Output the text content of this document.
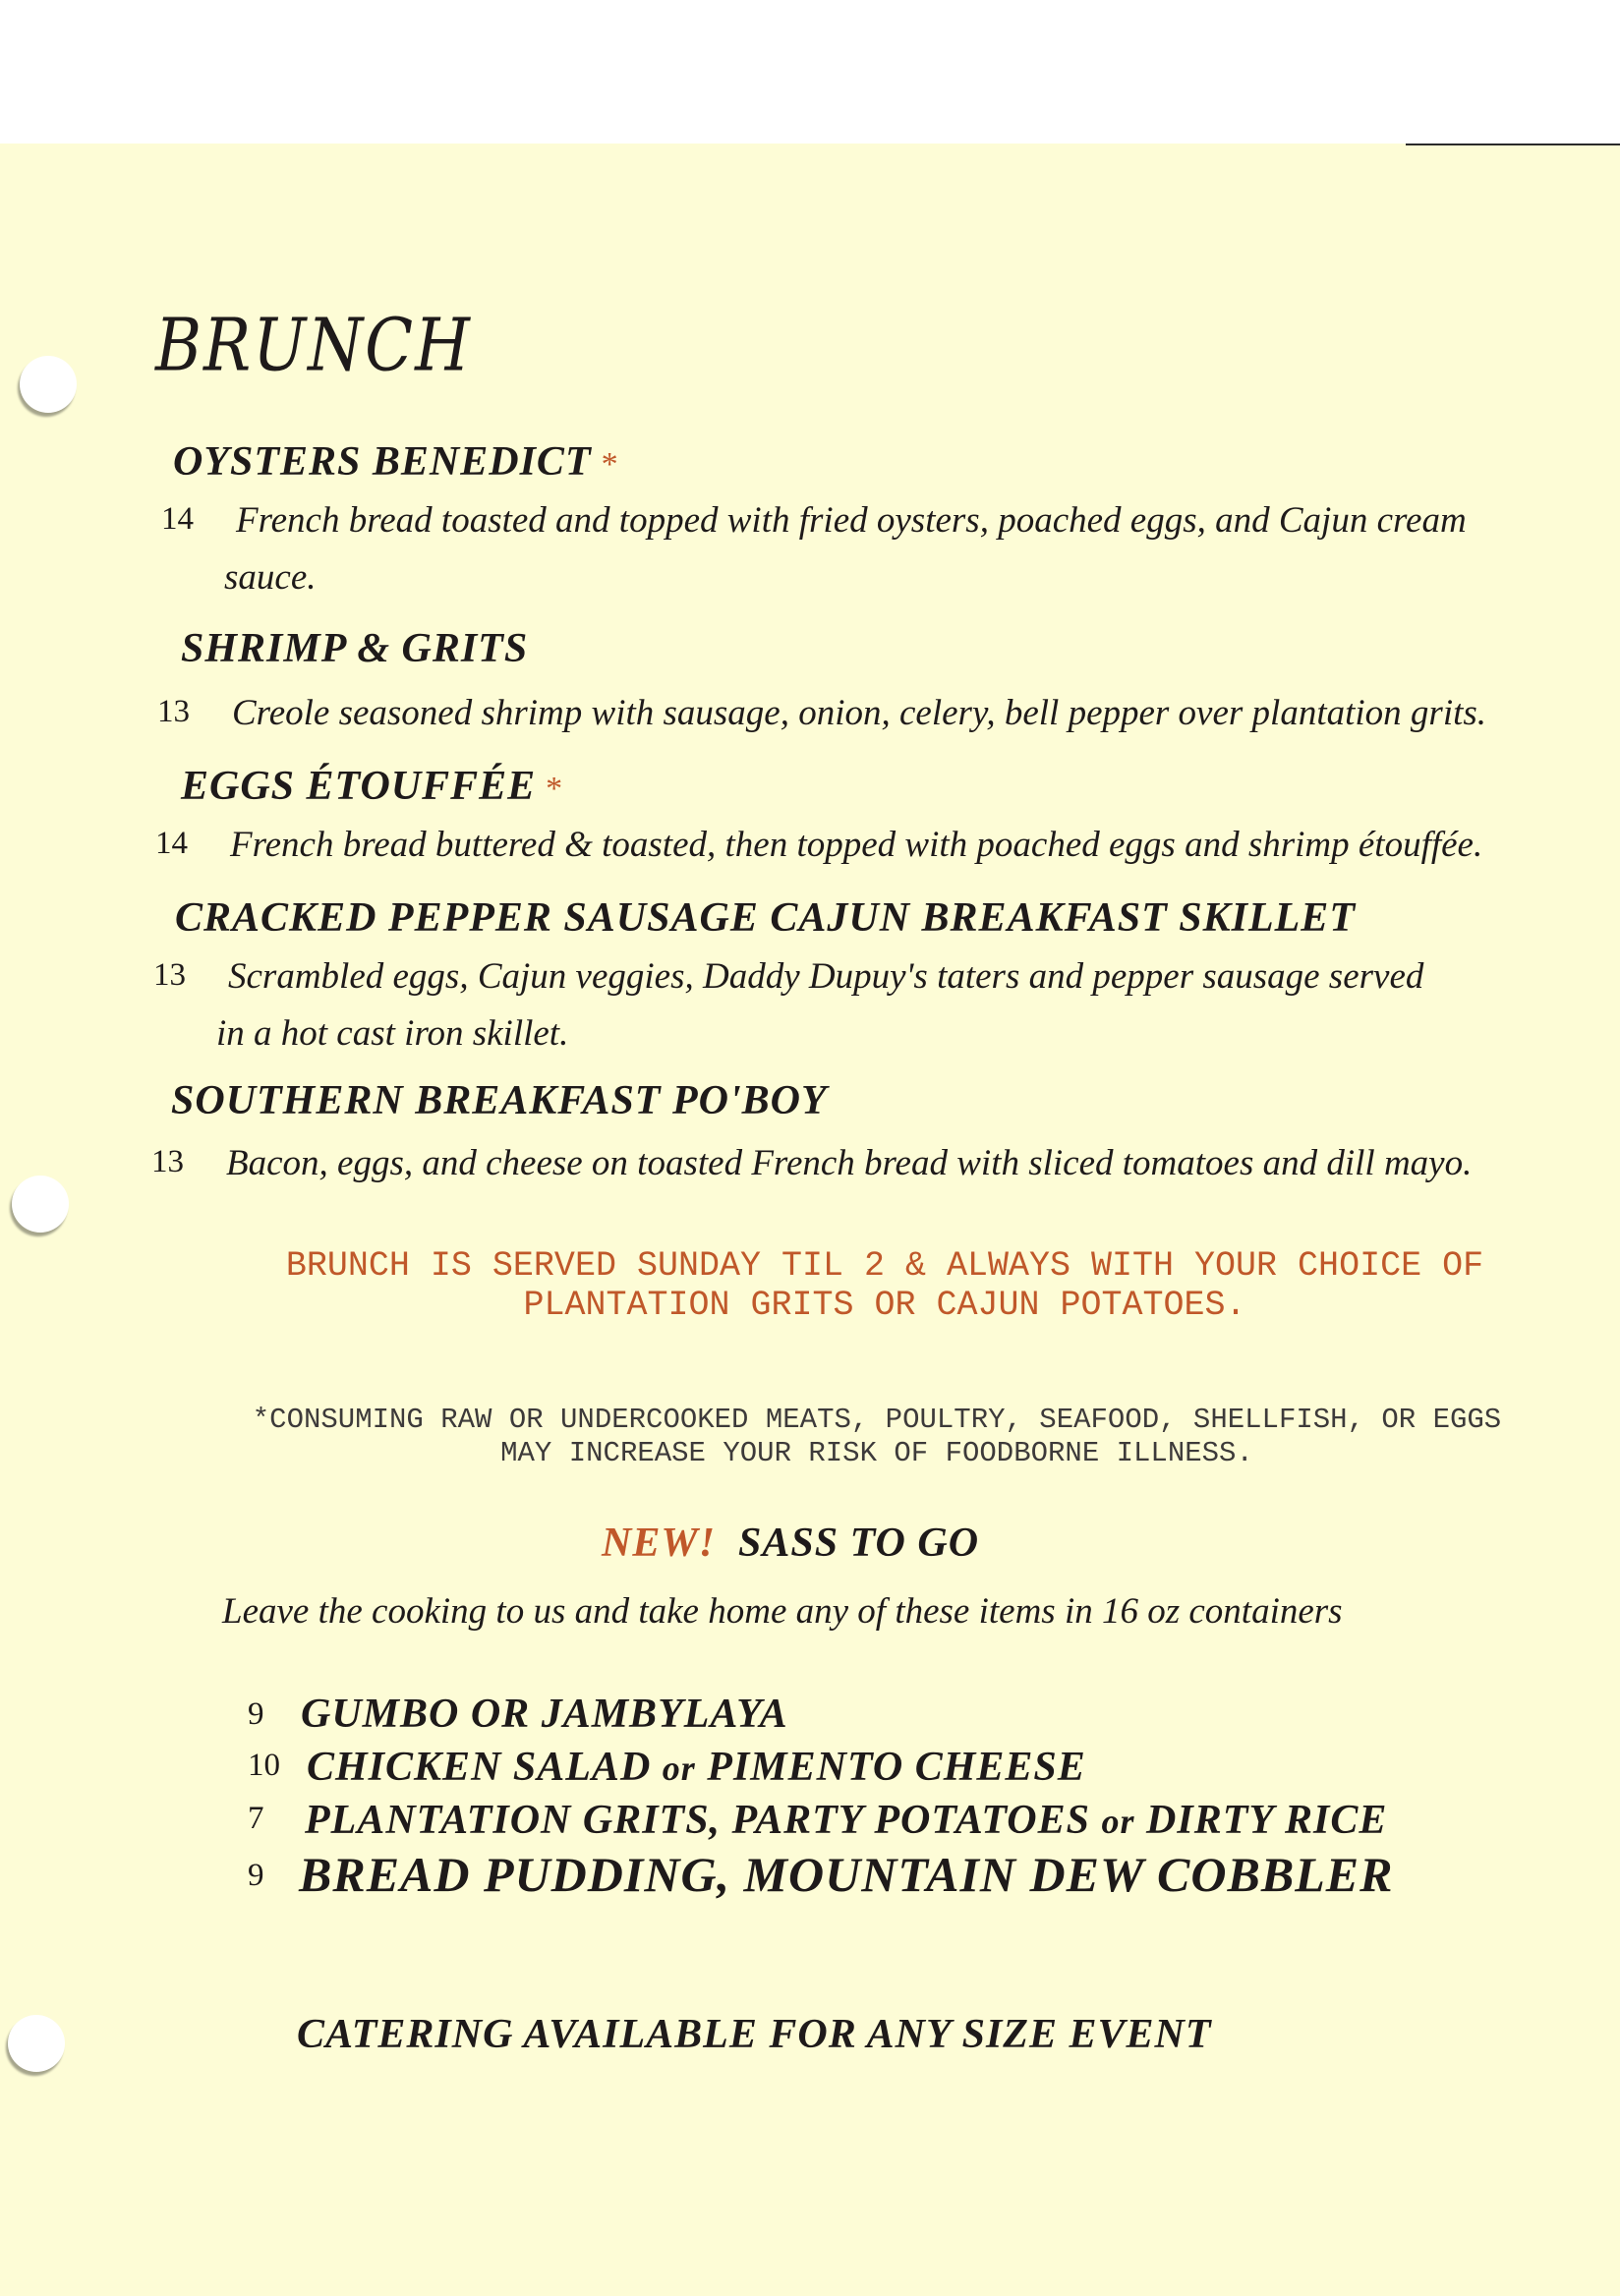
BRUNCH
OYSTERS BENEDICT *
14 French bread toasted and topped with fried oysters, poached eggs, and Cajun cream
sauce.
SHRIMP & GRITS
13 Creole seasoned shrimp with sausage, onion, celery, bell pepper over plantation grits.
EGGS ÉTOUFFÉE *
14 French bread buttered & toasted, then topped with poached eggs and shrimp étouffée.
CRACKED PEPPER SAUSAGE CAJUN BREAKFAST SKILLET
13 Scrambled eggs, Cajun veggies, Daddy Dupuy's taters and pepper sausage served
in a hot cast iron skillet.
SOUTHERN BREAKFAST PO'BOY
13 Bacon, eggs, and cheese on toasted French bread with sliced tomatoes and dill mayo.
BRUNCH IS SERVED SUNDAY TIL 2 & ALWAYS WITH YOUR CHOICE OF
PLANTATION GRITS OR CAJUN POTATOES.
*CONSUMING RAW OR UNDERCOOKED MEATS, POULTRY, SEAFOOD, SHELLFISH, OR EGGS
MAY INCREASE YOUR RISK OF FOODBORNE ILLNESS.
NEW! SASS TO GO
Leave the cooking to us and take home any of these items in 16 oz containers
9 GUMBO OR JAMBYLAYA
10 CHICKEN SALAD or PIMENTO CHEESE
7 PLANTATION GRITS, PARTY POTATOES or DIRTY RICE
9 BREAD PUDDING, MOUNTAIN DEW COBBLER
CATERING AVAILABLE FOR ANY SIZE EVENT
